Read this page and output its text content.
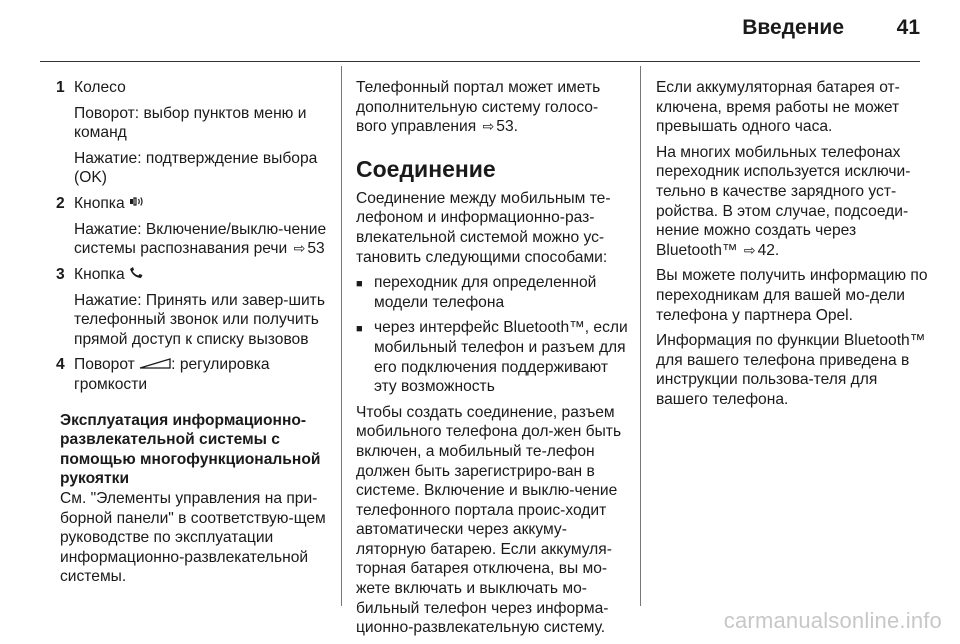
Введение	41
1 Колесо

Поворот: выбор пунктов меню и команд

Нажатие: подтверждение выбора (OK)

2 Кнопка

Нажатие: Включение/выклю-чение системы распознавания речи ⇨ 53

3 Кнопка

Нажатие: Принять или завер-шить телефонный звонок или получить прямой доступ к списку вызовов

4 Поворот : регулировка громкости

Эксплуатация информационно-развлекательной системы с помощью многофункциональной рукоятки

См. "Элементы управления на при-борной панели" в соответствую-щем руководстве по эксплуатации информационно-развлекательной системы.

Телефонный портал может иметь дополнительную систему голосо-вого управления ⇨ 53.

Соединение

Соединение между мобильным те-лефоном и информационно-раз-влекательной системой можно ус-тановить следующими способами:

■ переходник для определенной модели телефона
■ через интерфейс Bluetooth™, если мобильный телефон и разъем для его подключения поддерживают эту возможность

Чтобы создать соединение, разъем мобильного телефона дол-жен быть включен, а мобильный те-лефон должен быть зарегистриро-ван в системе. Включение и выклю-чение телефонного портала проис-ходит автоматически через аккуму-ляторную батарею. Если аккумуля-торная батарея отключена, вы мо-жете включать и выключать мо-бильный телефон через информа-ционно-развлекательную систему.

Если аккумуляторная батарея от-ключена, время работы не может превышать одного часа.

На многих мобильных телефонах переходник используется исключи-тельно в качестве зарядного уст-ройства. В этом случае, подсоеди-нение можно создать через Bluetooth™ ⇨ 42.

Вы можете получить информацию по переходникам для вашей мо-дели телефона у партнера Opel.

Информация по функции Bluetooth™ для вашего телефона приведена в инструкции пользова-теля для вашего телефона.

carmanualsonline.info
